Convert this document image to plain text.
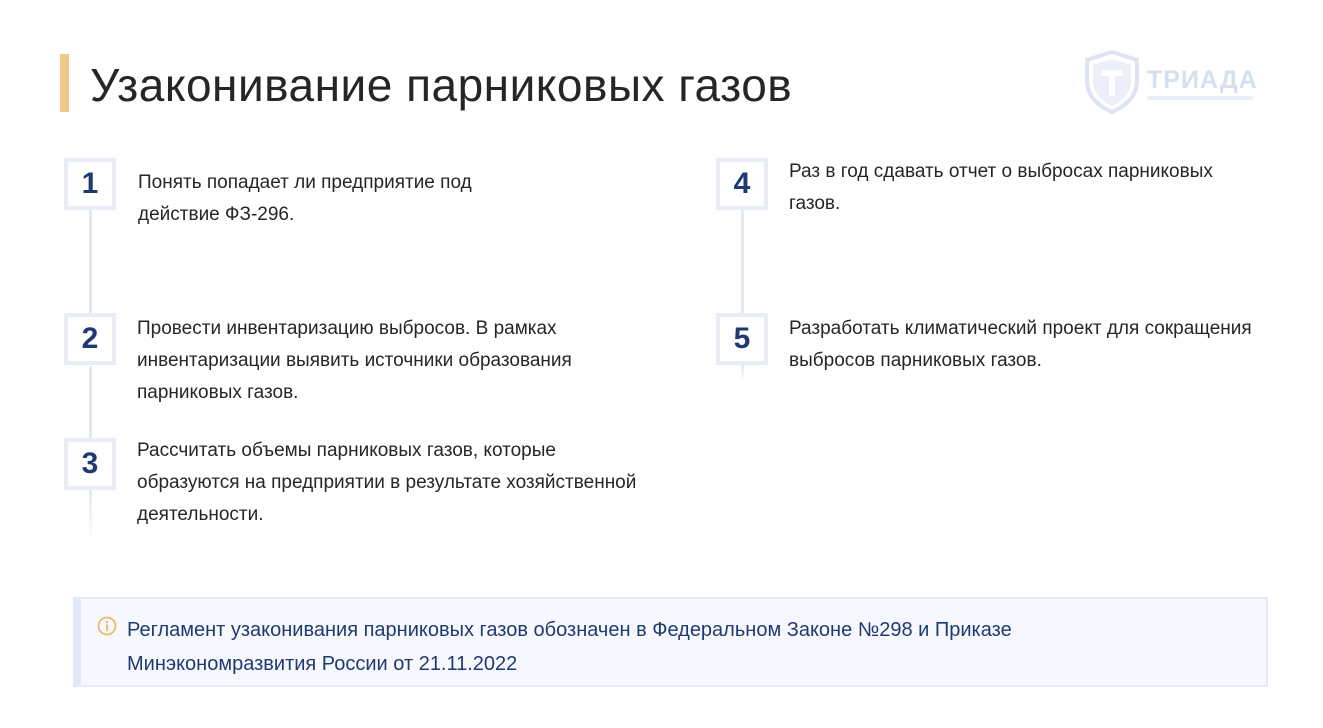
Узаконивание парниковых газов	ТРИАДА
1 Понять попадает ли предприятие под
действие ФЗ-296.
2 Провести инвентаризацию выбросов. В рамках
инвентаризации выявить источники образования
парниковых газов.
3 Рассчитать объемы парниковых газов, которые
образуются на предприятии в результате хозяйственной
деятельности.
4 Раз в год сдавать отчет о выбросах парниковых
газов.
5 Разработать климатический проект для сокращения
выбросов парниковых газов.
Регламент узаконивания парниковых газов обозначен в Федеральном Законе №298 и Приказе
Минэкономразвития России от 21.11.2022
